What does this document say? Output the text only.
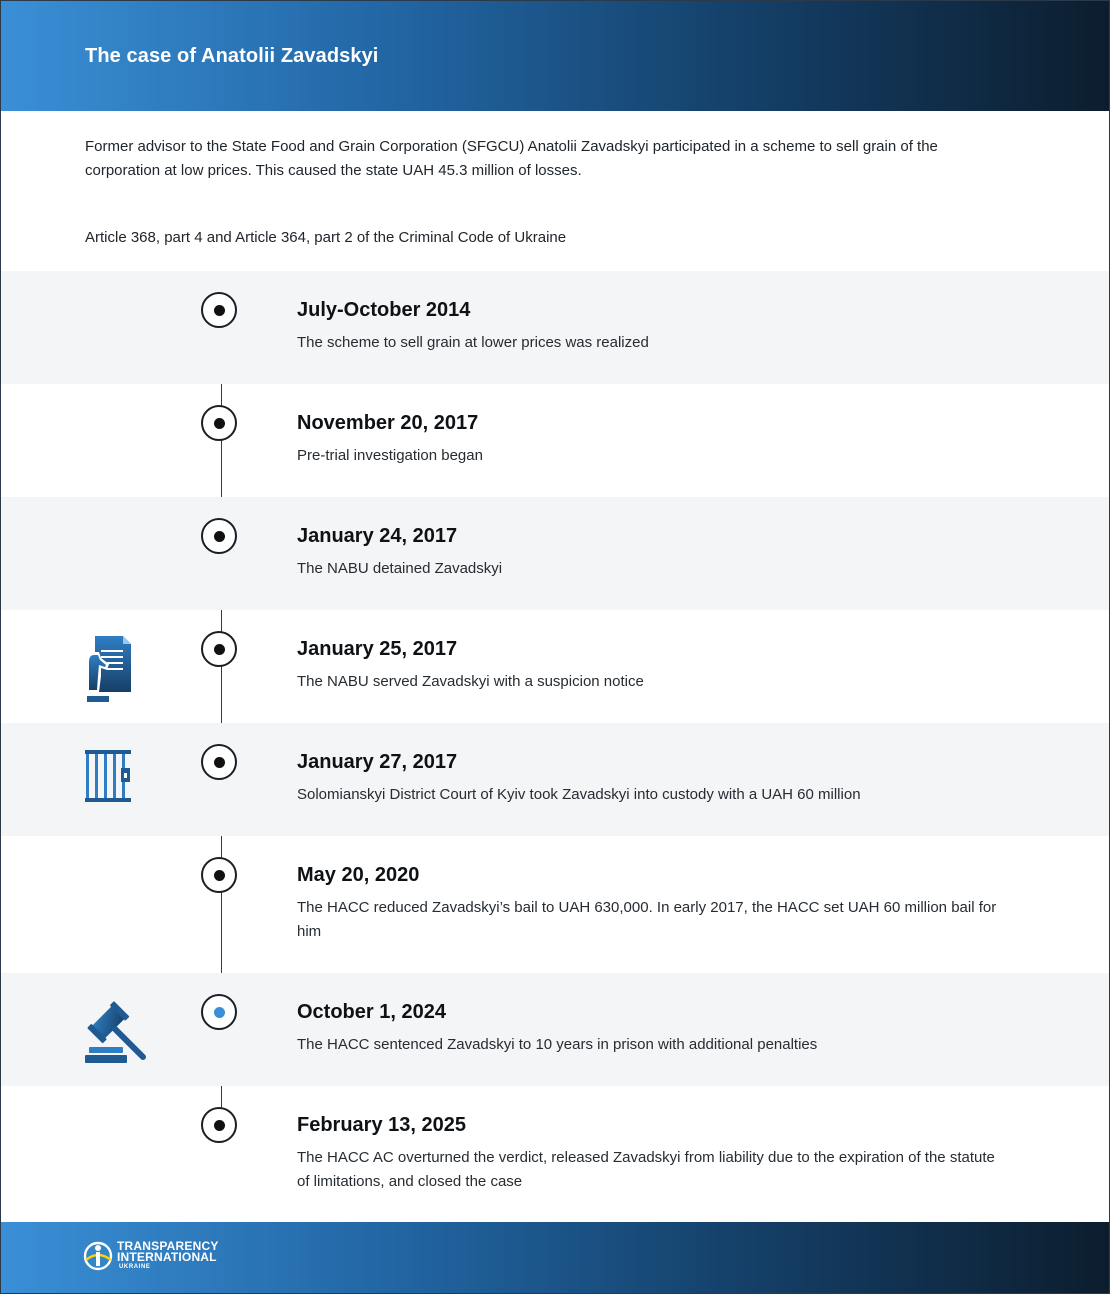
The case of Anatolii Zavadskyi
Former advisor to the State Food and Grain Corporation (SFGCU) Anatolii Zavadskyi participated in a scheme to sell grain of the corporation at low prices. This caused the state UAH 45.3 million of losses.
Article 368, part 4 and Article 364, part 2 of the Criminal Code of Ukraine
July-October 2014
The scheme to sell grain at lower prices was realized
November 20, 2017
Pre-trial investigation began
January 24, 2017
The NABU detained Zavadskyi
January 25, 2017
The NABU served Zavadskyi with a suspicion notice
January 27, 2017
Solomianskyi District Court of Kyiv took Zavadskyi into custody with a UAH 60 million
May 20, 2020
The HACC reduced Zavadskyi’s bail to UAH 630,000. In early 2017, the HACC set UAH 60 million bail for him
October 1, 2024
The HACC sentenced Zavadskyi to 10 years in prison with additional penalties
February 13, 2025
The HACC AC overturned the verdict, released Zavadskyi from liability due to the expiration of the statute of limitations, and closed the case
TRANSPARENCY
INTERNATIONAL
UKRAINE
